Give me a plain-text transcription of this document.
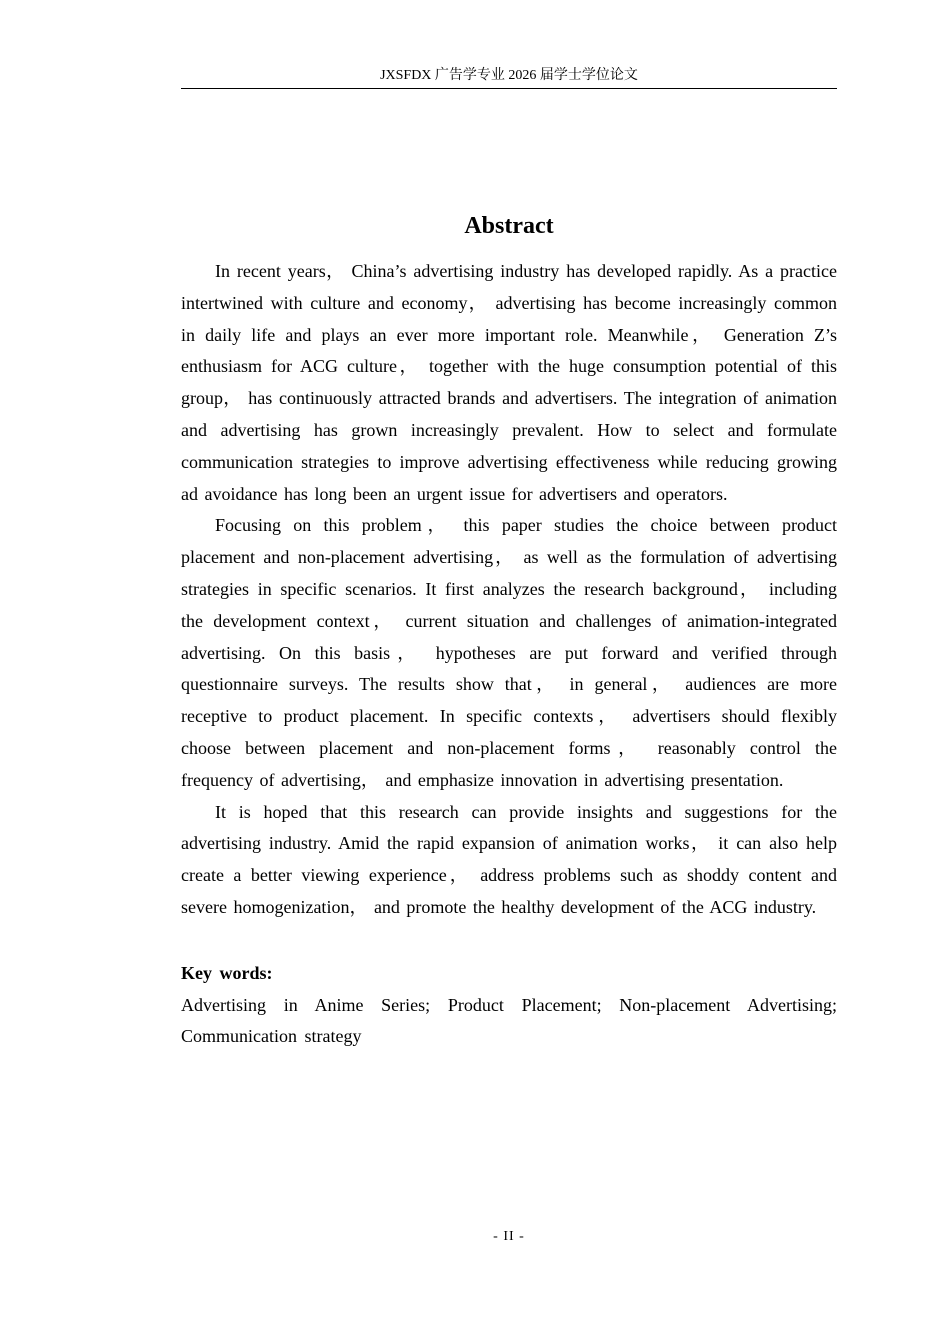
JXSFDX 广告学专业 2026 届学士学位论文
Abstract

In recent years， China’s advertising industry has developed rapidly. As a practice intertwined with culture and economy， advertising has become increasingly common in daily life and plays an ever more important role. Meanwhile， Generation Z’s enthusiasm for ACG culture， together with the huge consumption potential of this group， has continuously attracted brands and advertisers. The integration of animation and advertising has grown increasingly prevalent. How to select and formulate communication strategies to improve advertising effectiveness while reducing growing ad avoidance has long been an urgent issue for advertisers and operators.

Focusing on this problem， this paper studies the choice between product placement and non-placement advertising， as well as the formulation of advertising strategies in specific scenarios. It first analyzes the research background， including the development context， current situation and challenges of animation-integrated advertising. On this basis， hypotheses are put forward and verified through questionnaire surveys. The results show that， in general， audiences are more receptive to product placement. In specific contexts， advertisers should flexibly choose between placement and non-placement forms， reasonably control the frequency of advertising， and emphasize innovation in advertising presentation.

It is hoped that this research can provide insights and suggestions for the advertising industry. Amid the rapid expansion of animation works， it can also help create a better viewing experience， address problems such as shoddy content and severe homogenization， and promote the healthy development of the ACG industry.

Key words:

Advertising in Anime Series; Product Placement; Non-placement Advertising; Communication strategy

- II -
